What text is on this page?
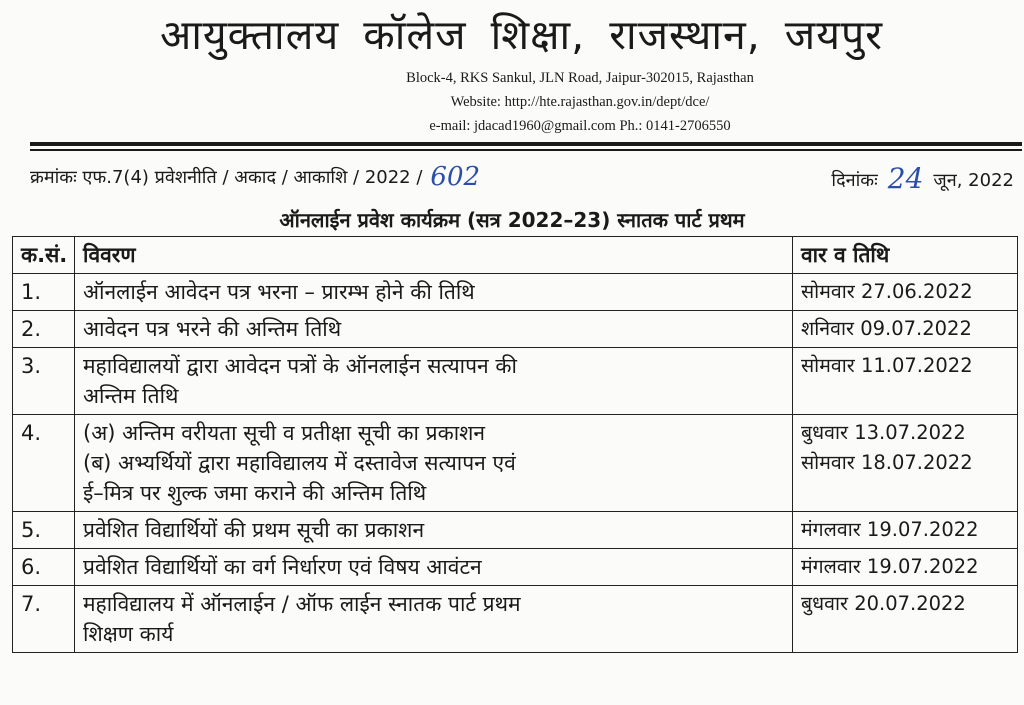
आयुक्तालय कॉलेज शिक्षा, राजस्थान, जयपुर
Block-4, RKS Sankul, JLN Road, Jaipur-302015, Rajasthan
Website: http://hte.rajasthan.gov.in/dept/dce/
e-mail: jdacad1960@gmail.com Ph.: 0141-2706550
क्रमांकः एफ.7(4) प्रवेशनीति / अकाद / आकाशि / 2022 / 602	दिनांकः 24 जून, 2022
ऑनलाईन प्रवेश कार्यक्रम (सत्र 2022–23) स्नातक पार्ट प्रथम
क.सं.	विवरण	वार व तिथि
1.	ऑनलाईन आवेदन पत्र भरना – प्रारम्भ होने की तिथि	सोमवार 27.06.2022

2.	आवेदन पत्र भरने की अन्तिम तिथि	शनिवार 09.07.2022

3.	महाविद्यालयों द्वारा आवेदन पत्रों के ऑनलाईन सत्यापन की
अन्तिम तिथि	सोमवार 11.07.2022

4.	(अ) अन्तिम वरीयता सूची व प्रतीक्षा सूची का प्रकाशन
(ब) अभ्यर्थियों द्वारा महाविद्यालय में दस्तावेज सत्यापन एवं
ई–मित्र पर शुल्क जमा कराने की अन्तिम तिथि	बुधवार 13.07.2022
सोमवार 18.07.2022

5.	प्रवेशित विद्यार्थियों की प्रथम सूची का प्रकाशन	मंगलवार 19.07.2022

6.	प्रवेशित विद्यार्थियों का वर्ग निर्धारण एवं विषय आवंटन	मंगलवार 19.07.2022

7.	महाविद्यालय में ऑनलाईन / ऑफ लाईन स्नातक पार्ट प्रथम
शिक्षण कार्य	बुधवार 20.07.2022
